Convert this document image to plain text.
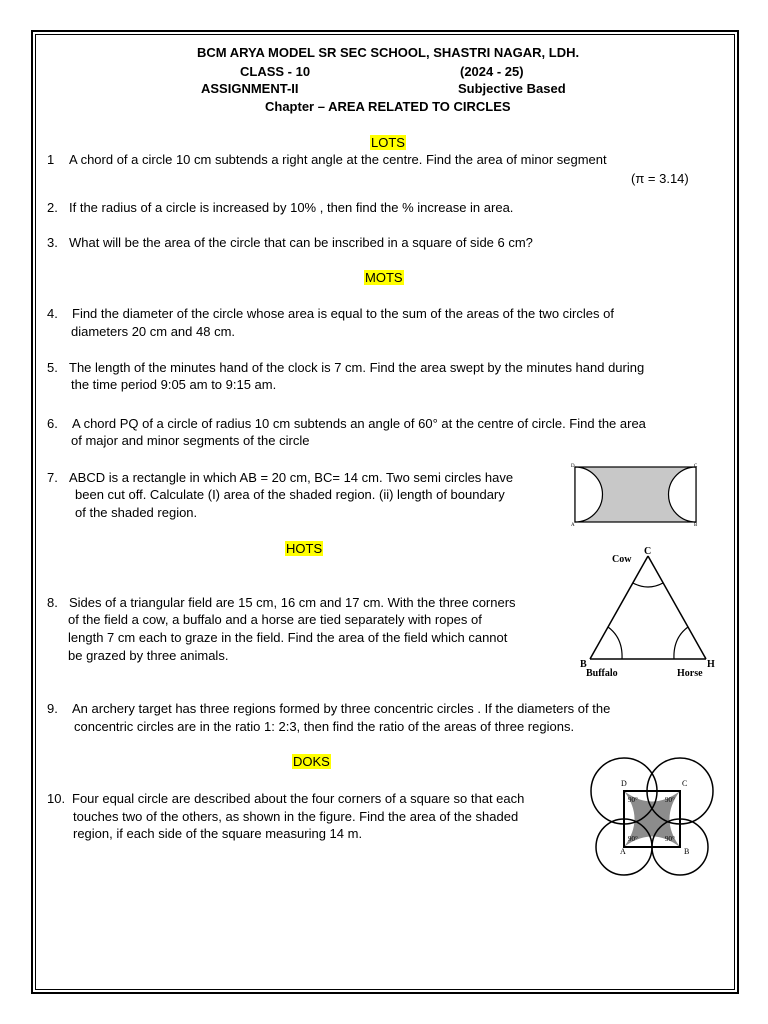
BCM ARYA MODEL SR SEC SCHOOL, SHASTRI NAGAR, LDH.
CLASS - 10	(2024 - 25)
ASSIGNMENT-II	Subjective Based
Chapter – AREA RELATED TO CIRCLES
LOTS
1 A chord of a circle 10 cm subtends a right angle at the centre. Find the area of minor segment
(π = 3.14)
2. If the radius of a circle is increased by 10% , then find the % increase in area.
3. What will be the area of the circle that can be inscribed in a square of side 6 cm?
MOTS
4. Find the diameter of the circle whose area is equal to the sum of the areas of the two circles of
diameters 20 cm and 48 cm.
5. The length of the minutes hand of the clock is 7 cm. Find the area swept by the minutes hand during
the time period 9:05 am to 9:15 am.
6. A chord PQ of a circle of radius 10 cm subtends an angle of 60° at the centre of circle. Find the area
of major and minor segments of the circle
7. ABCD is a rectangle in which AB = 20 cm, BC= 14 cm. Two semi circles have
been cut off. Calculate (I) area of the shaded region. (ii) length of boundary
of the shaded region.
D	C
A	B
HOTS
8. Sides of a triangular field are 15 cm, 16 cm and 17 cm. With the three corners
of the field a cow, a buffalo and a horse are tied separately with ropes of
length 7 cm each to graze in the field. Find the area of the field which cannot
be grazed by three animals.
C
Cow
B
Buffalo
H
Horse
9. An archery target has three regions formed by three concentric circles . If the diameters of the
concentric circles are in the ratio 1: 2:3, then find the ratio of the areas of three regions.
DOKS
10. Four equal circle are described about the four corners of a square so that each
touches two of the others, as shown in the figure. Find the area of the shaded
region, if each side of the square measuring 14 m.
D	C
A	B
90°	90°
90°	90°
